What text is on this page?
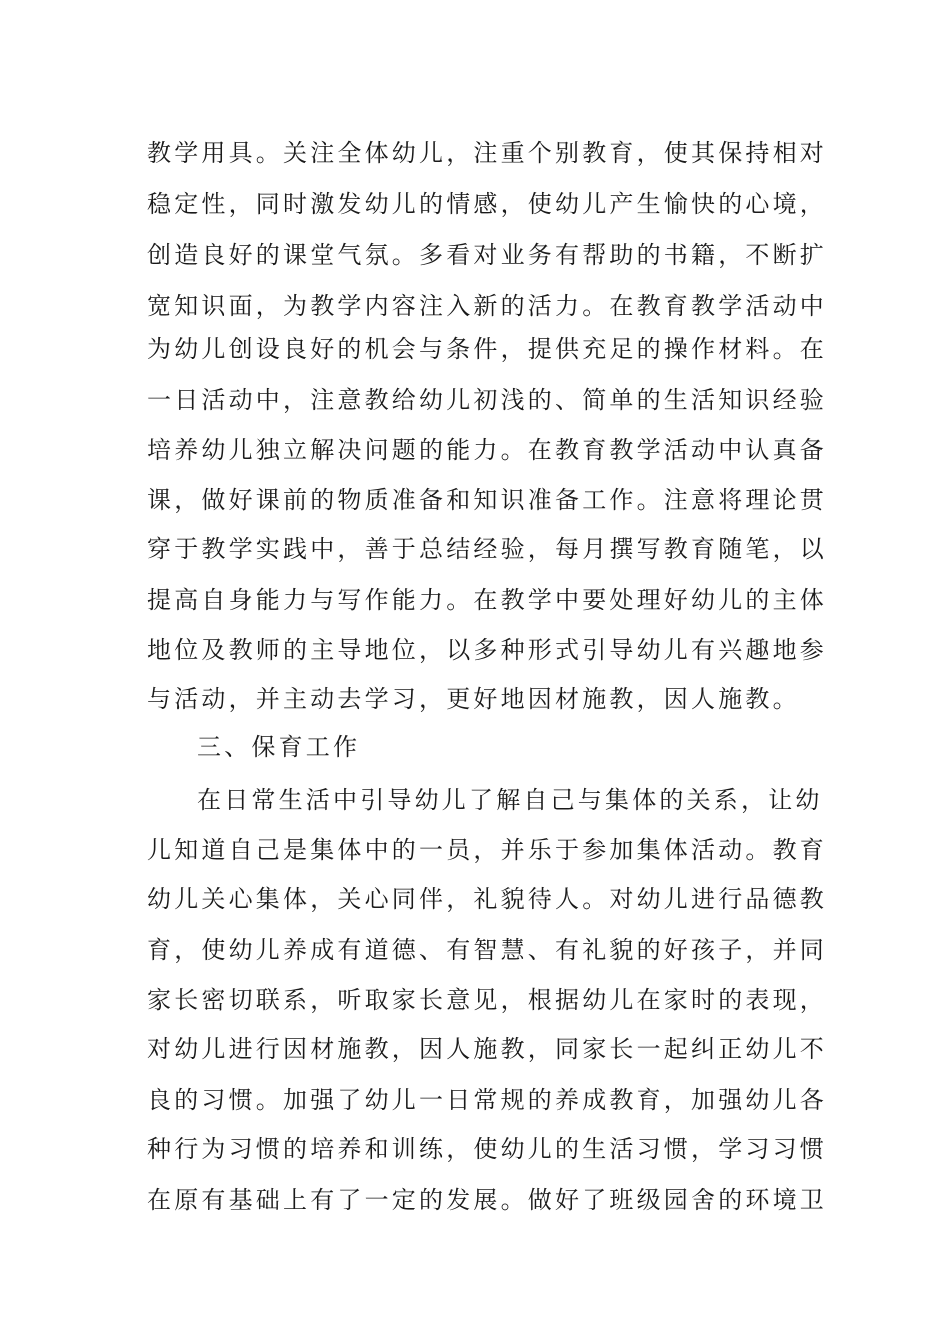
教学用具。关注全体幼儿，注重个别教育，使其保持相对
稳定性，同时激发幼儿的情感，使幼儿产生愉快的心境，
创造良好的课堂气氛。多看对业务有帮助的书籍，不断扩
宽知识面，为教学内容注入新的活力。在教育教学活动中
为幼儿创设良好的机会与条件，提供充足的操作材料。在
一日活动中，注意教给幼儿初浅的、简单的生活知识经验
培养幼儿独立解决问题的能力。在教育教学活动中认真备
课，做好课前的物质准备和知识准备工作。注意将理论贯
穿于教学实践中，善于总结经验，每月撰写教育随笔，以
提高自身能力与写作能力。在教学中要处理好幼儿的主体
地位及教师的主导地位，以多种形式引导幼儿有兴趣地参
与活动，并主动去学习，更好地因材施教，因人施教。
三、保育工作
在日常生活中引导幼儿了解自己与集体的关系，让幼
儿知道自己是集体中的一员，并乐于参加集体活动。教育
幼儿关心集体，关心同伴，礼貌待人。对幼儿进行品德教
育，使幼儿养成有道德、有智慧、有礼貌的好孩子，并同
家长密切联系，听取家长意见，根据幼儿在家时的表现，
对幼儿进行因材施教，因人施教，同家长一起纠正幼儿不
良的习惯。加强了幼儿一日常规的养成教育，加强幼儿各
种行为习惯的培养和训练，使幼儿的生活习惯，学习习惯
在原有基础上有了一定的发展。做好了班级园舍的环境卫
